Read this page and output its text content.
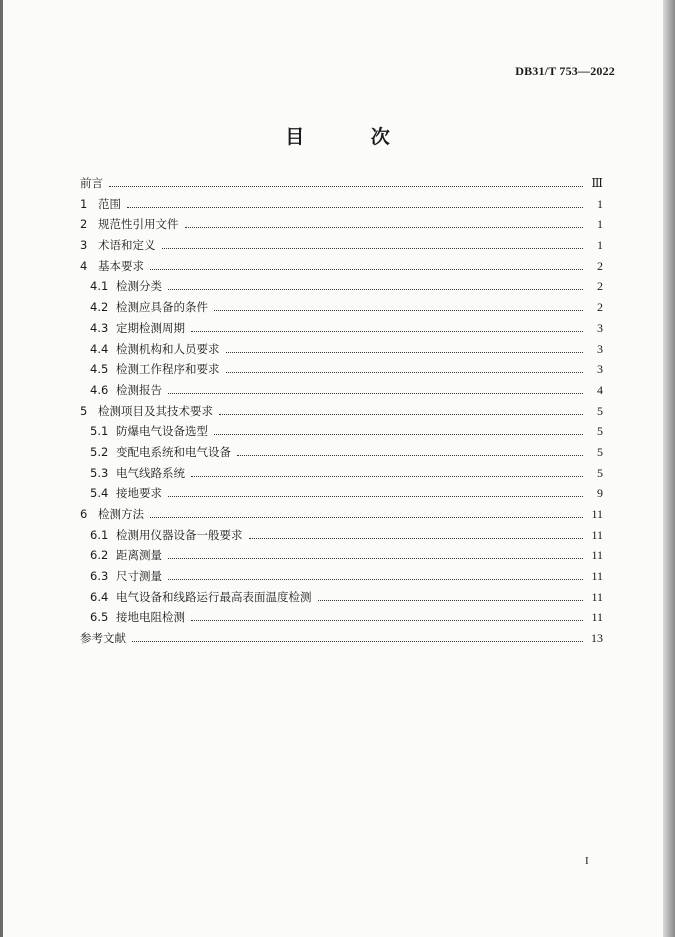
DB31/T 753—2022
目 次
前言	Ⅲ
1 范围	1
2 规范性引用文件	1
3 术语和定义	1
4 基本要求	2
4.1 检测分类	2
4.2 检测应具备的条件	2
4.3 定期检测周期	3
4.4 检测机构和人员要求	3
4.5 检测工作程序和要求	3
4.6 检测报告	4
5 检测项目及其技术要求	5
5.1 防爆电气设备选型	5
5.2 变配电系统和电气设备	5
5.3 电气线路系统	5
5.4 接地要求	9
6 检测方法	11
6.1 检测用仪器设备一般要求	11
6.2 距离测量	11
6.3 尺寸测量	11
6.4 电气设备和线路运行最高表面温度检测	11
6.5 接地电阻检测	11
参考文献	13
I
